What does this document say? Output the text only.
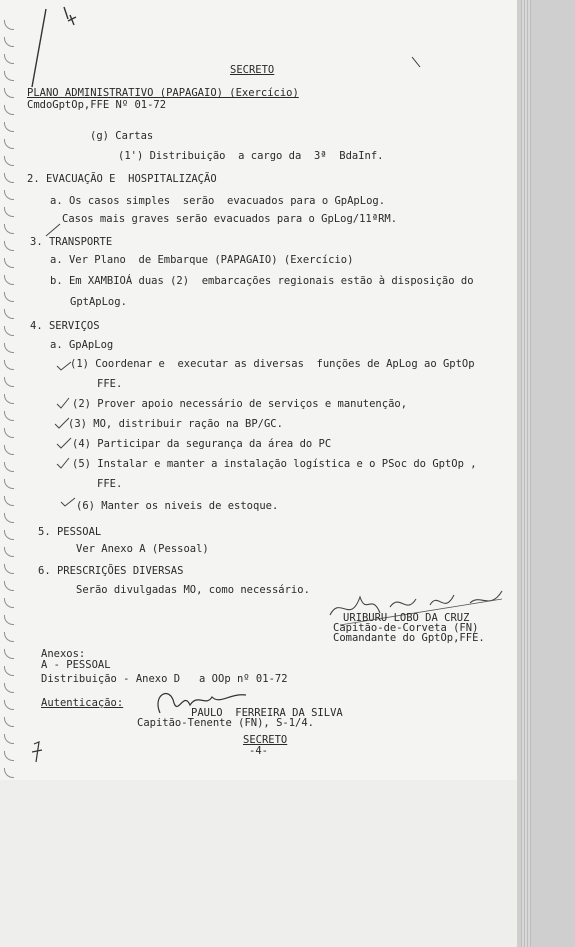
SECRETO
PLANO ADMINISTRATIVO (PAPAGAIO) (Exercício)
CmdoGptOp,FFE Nº 01-72
(g) Cartas
(1') Distribuição  a cargo da  3ª  BdaInf.
2. EVACUAÇÃO E  HOSPITALIZAÇÃO
a. Os casos simples  serão  evacuados para o GpApLog.
Casos mais graves serão evacuados para o GpLog/11ªRM.
3. TRANSPORTE
a. Ver Plano  de Embarque (PAPAGAIO) (Exercício)
b. Em XAMBIOÁ duas (2)  embarcações regionais estão à disposição do
GptApLog.
4. SERVIÇOS
a. GpApLog
(1) Coordenar e  executar as diversas  funções de ApLog ao GptOp
FFE.
(2) Prover apoio necessário de serviços e manutenção,
(3) MO, distribuir ração na BP/GC.
(4) Participar da segurança da área do PC
(5) Instalar e manter a instalação logística e o PSoc do GptOp ,
FFE.
(6) Manter os niveis de estoque.
5. PESSOAL
Ver Anexo A (Pessoal)
6. PRESCRIÇÕES DIVERSAS
Serão divulgadas MO, como necessário.
URIBURU LOBO DA CRUZ
Capitão-de-Corveta (FN)
Comandante do GptOp,FFE.
Anexos:
A - PESSOAL
Distribuição - Anexo D   a OOp nº 01-72
Autenticação:
PAULO  FERREIRA DA SILVA
Capitão-Tenente (FN), S-1/4.
SECRETO
-4-
